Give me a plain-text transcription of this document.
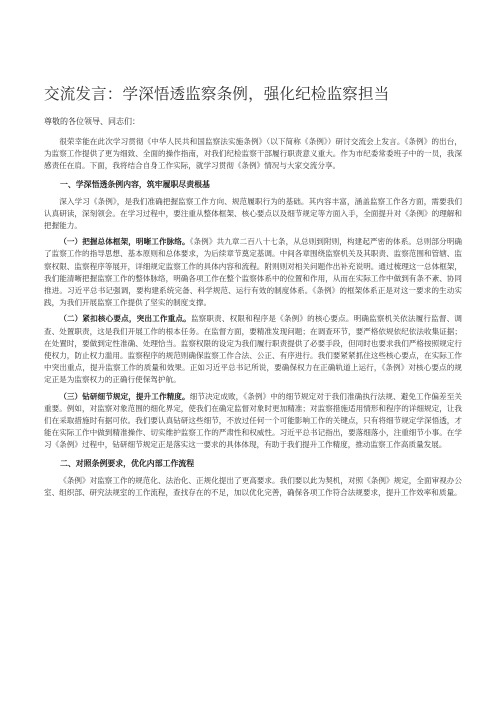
交流发言：学深悟透监察条例，强化纪检监察担当

尊敬的各位领导、同志们：

很荣幸能在此次学习贯彻《中华人民共和国监察法实施条例》（以下简称《条例》）研讨交流会上发言。《条例》的出台，为监察工作提供了更为细致、全面的操作指南，对我们纪检监察干部履行职责意义重大。作为市纪委常委班子中的一员，我深感责任在肩。下面，我将结合自身工作实际，就学习贯彻《条例》情况与大家交流分享。

一、学深悟透条例内容，筑牢履职尽责根基

深入学习《条例》，是我们准确把握监察工作方向、规范履职行为的基础。其内容丰富，涵盖监察工作各方面，需要我们认真研读，深刻领会。在学习过程中，要注重从整体框架、核心要点以及细节规定等方面入手，全面提升对《条例》的理解和把握能力。

（一）把握总体框架，明晰工作脉络。《条例》共九章二百八十七条，从总则到附则，构建起严密的体系。总则部分明确了监察工作的指导思想、基本原则和总体要求，为后续章节奠定基调。中间各章围绕监察机关及其职责、监察范围和管辖、监察权限、监察程序等展开，详细规定监察工作的具体内容和流程。附则则对相关问题作出补充说明。通过梳理这一总体框架，我们能清晰把握监察工作的整体脉络，明确各项工作在整个监察体系中的位置和作用，从而在实际工作中做到有条不紊、协同推进。习近平总书记强调，要构建系统完备、科学规范、运行有效的制度体系。《条例》的框架体系正是对这一要求的生动实践，为我们开展监察工作提供了坚实的制度支撑。

（二）紧扣核心要点，突出工作重点。监察职责、权限和程序是《条例》的核心要点。明确监察机关依法履行监督、调查、处置职责，这是我们开展工作的根本任务。在监督方面，要精准发现问题；在调查环节，要严格依规依纪依法收集证据；在处置时，要做到定性准确、处理恰当。监察权限的设定为我们履行职责提供了必要手段，但同时也要求我们严格按照规定行使权力，防止权力滥用。监察程序的规范则确保监察工作合法、公正、有序进行。我们要紧紧抓住这些核心要点，在实际工作中突出重点，提升监察工作的质量和效果。正如习近平总书记所说，要确保权力在正确轨道上运行，《条例》对核心要点的规定正是为监察权力的正确行使保驾护航。

（三）钻研细节规定，提升工作精度。细节决定成败，《条例》中的细节规定对于我们准确执行法规、避免工作偏差至关重要。例如，对监察对象范围的细化界定，使我们在确定监督对象时更加精准；对监察措施适用情形和程序的详细规定，让我们在采取措施时有据可依。我们要认真钻研这些细节，不放过任何一个可能影响工作的关键点，只有将细节规定学深悟透，才能在实际工作中做到精准操作、切实维护监察工作的严肃性和权威性。习近平总书记指出，要落细落小，注重细节小事。在学习《条例》过程中，钻研细节规定正是落实这一要求的具体体现，有助于我们提升工作精度，推动监察工作高质量发展。

二、对照条例要求，优化内部工作流程

《条例》对监察工作的规范化、法治化、正规化提出了更高要求。我们要以此为契机，对照《条例》规定，全面审视办公室、组织部、研究法规室的工作流程，查找存在的不足，加以优化完善，确保各项工作符合法规要求，提升工作效率和质量。
